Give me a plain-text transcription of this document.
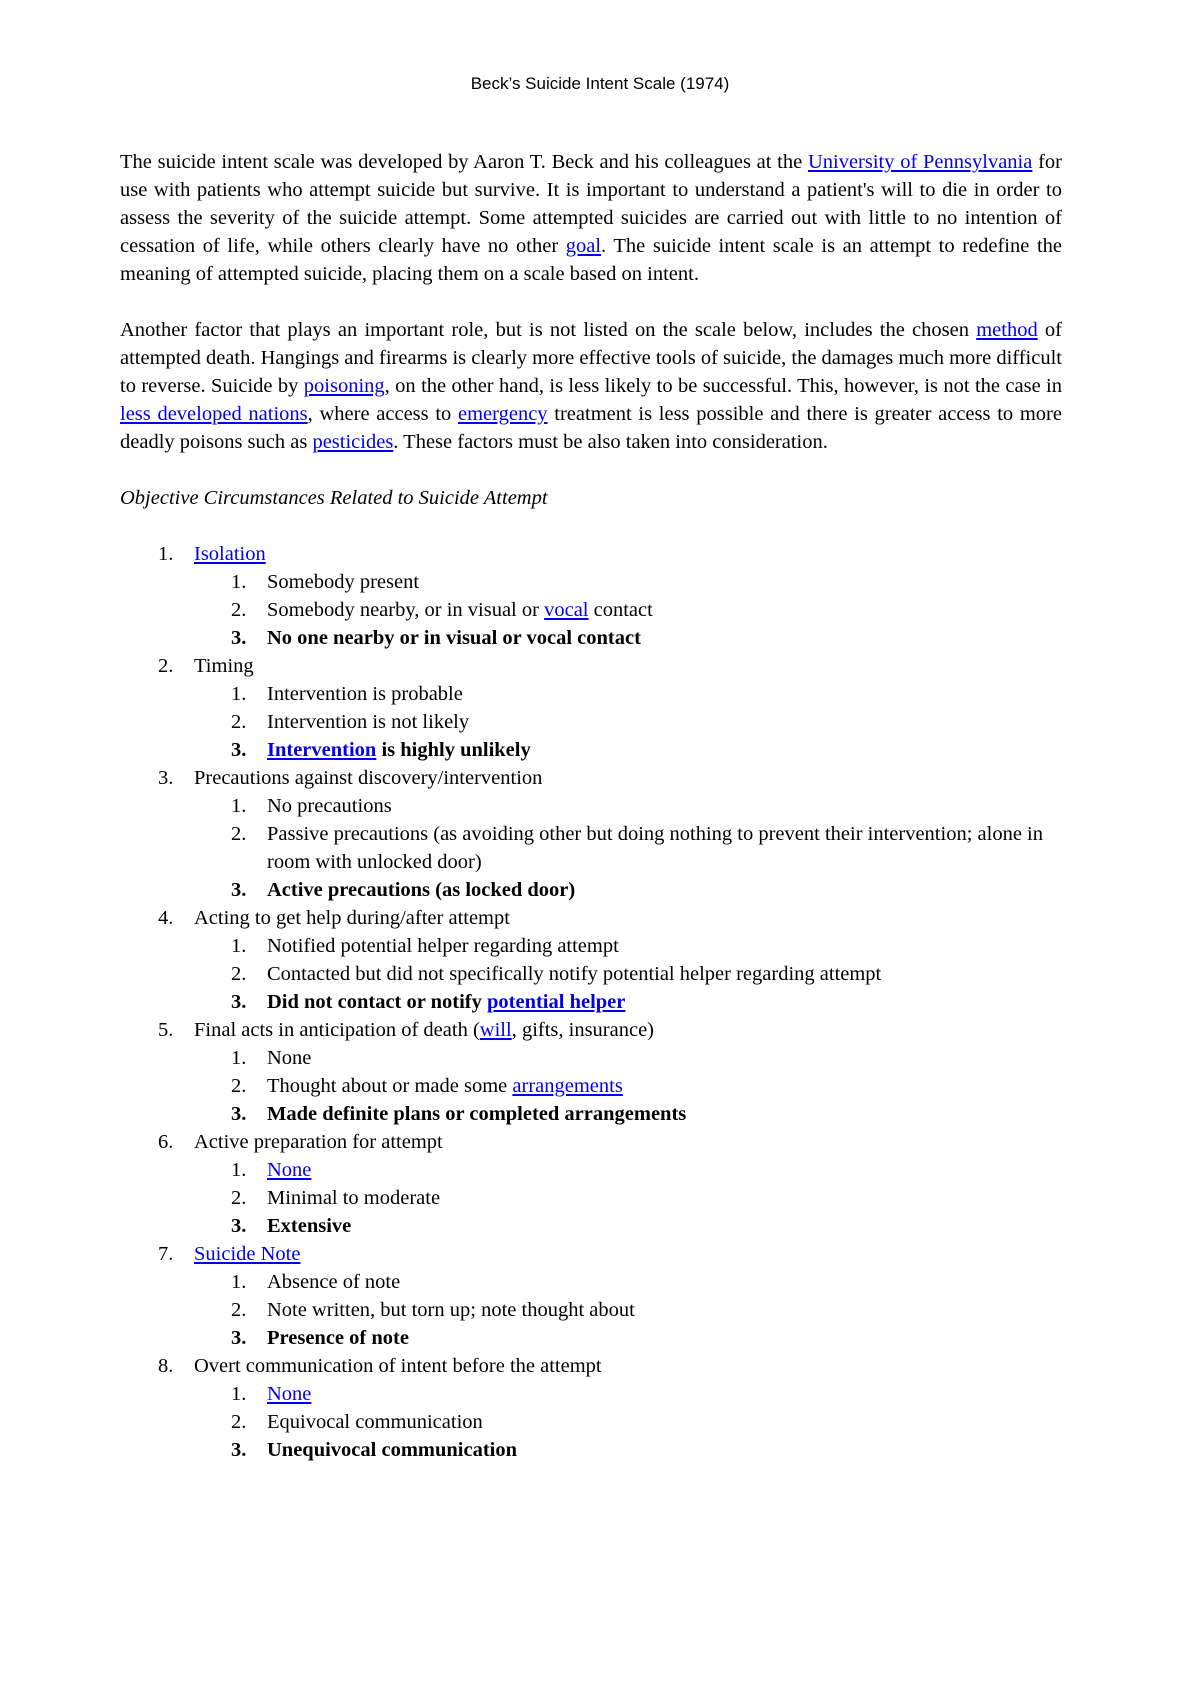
Beck’s Suicide Intent Scale (1974)

The suicide intent scale was developed by Aaron T. Beck and his colleagues at the University of Pennsylvania for use with patients who attempt suicide but survive. It is important to understand a patient's will to die in order to assess the severity of the suicide attempt. Some attempted suicides are carried out with little to no intention of cessation of life, while others clearly have no other goal. The suicide intent scale is an attempt to redefine the meaning of attempted suicide, placing them on a scale based on intent.

Another factor that plays an important role, but is not listed on the scale below, includes the chosen method of attempted death. Hangings and firearms is clearly more effective tools of suicide, the damages much more difficult to reverse. Suicide by poisoning, on the other hand, is less likely to be successful. This, however, is not the case in less developed nations, where access to emergency treatment is less possible and there is greater access to more deadly poisons such as pesticides. These factors must be also taken into consideration.

Objective Circumstances Related to Suicide Attempt
1.	Isolation
1.	Somebody present
2.	Somebody nearby, or in visual or vocal contact
3.	No one nearby or in visual or vocal contact
2.	Timing
1.	Intervention is probable
2.	Intervention is not likely
3.	Intervention is highly unlikely
3.	Precautions against discovery/intervention
1.	No precautions
2.	Passive precautions (as avoiding other but doing nothing to prevent their intervention; alone in room with unlocked door)
3.	Active precautions (as locked door)
4.	Acting to get help during/after attempt
1.	Notified potential helper regarding attempt
2.	Contacted but did not specifically notify potential helper regarding attempt
3.	Did not contact or notify potential helper
5.	Final acts in anticipation of death (will, gifts, insurance)
1.	None
2.	Thought about or made some arrangements
3.	Made definite plans or completed arrangements
6.	Active preparation for attempt
1.	None
2.	Minimal to moderate
3.	Extensive
7.	Suicide Note
1.	Absence of note
2.	Note written, but torn up; note thought about
3.	Presence of note
8.	Overt communication of intent before the attempt
1.	None
2.	Equivocal communication
3.	Unequivocal communication
